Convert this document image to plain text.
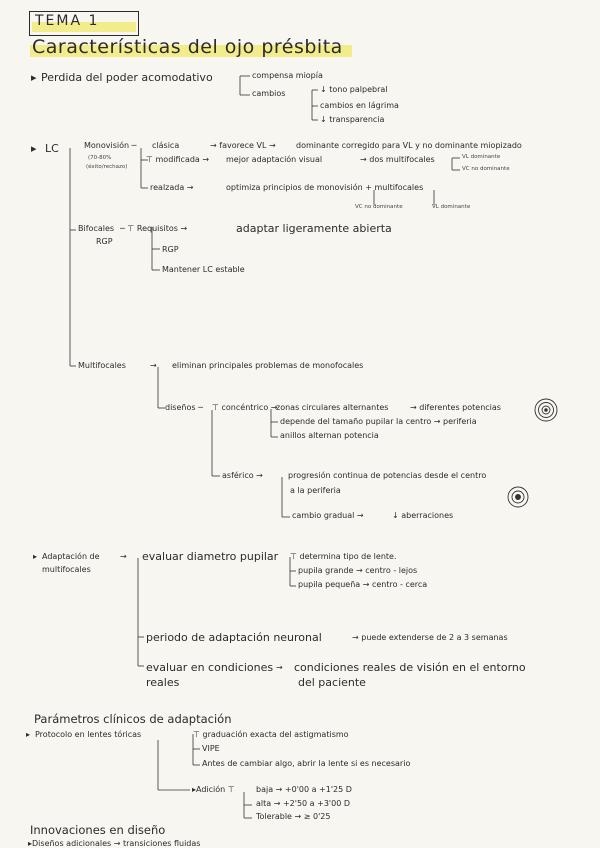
TEMA 1
Características del ojo présbita
▸ Perdida del poder acomodativo	compensa miopía
cambios	↓ tono palpebral
cambios en lágrima
↓ transparencia
▸ LC	Monovisión ─
(70-80%
(éxito/rechazo)
clásica	→ favorece VL →	dominante corregido para VL y no dominante miopizado
⊤ modificada → mejor adaptación visual	→ dos multifocales	VL dominante
VC no dominante
realzada →	optimiza principios de monovisión + multifocales
VC no dominante	VL dominante
Bifocales
RGP
─ ⊤ Requisitos →	adaptar ligeramente abierta
RGP
Mantener LC estable
Multifocales	→ eliminan principales problemas de monofocales
diseños ─ ⊤ concéntrico →
zonas circulares alternantes	→ diferentes potencias
depende del tamaño pupilar la centro → periferia
anillos alternan potencia
asférico →	progresión continua de potencias desde el centro
a la periferia
cambio gradual →	↓ aberraciones
▸ Adaptación de
multifocales
→ evaluar diametro pupilar ⊤ determina tipo de lente.
pupila grande → centro - lejos
pupila pequeña → centro - cerca
periodo de adaptación neuronal	→ puede extenderse de 2 a 3 semanas
evaluar en condiciones
reales
→ condiciones reales de visión en el entorno
del paciente
Parámetros clínicos de adaptación
▸ Protocolo en lentes tóricas	⊤ graduación exacta del astigmatismo
VIPE
Antes de cambiar algo, abrir la lente si es necesario
▸Adición ⊤	baja → +0'00 a +1'25 D
alta → +2'50 a +3'00 D
Tolerable → ≥ 0'25
Innovaciones en diseño
▸Diseños adicionales → transiciones fluidas
